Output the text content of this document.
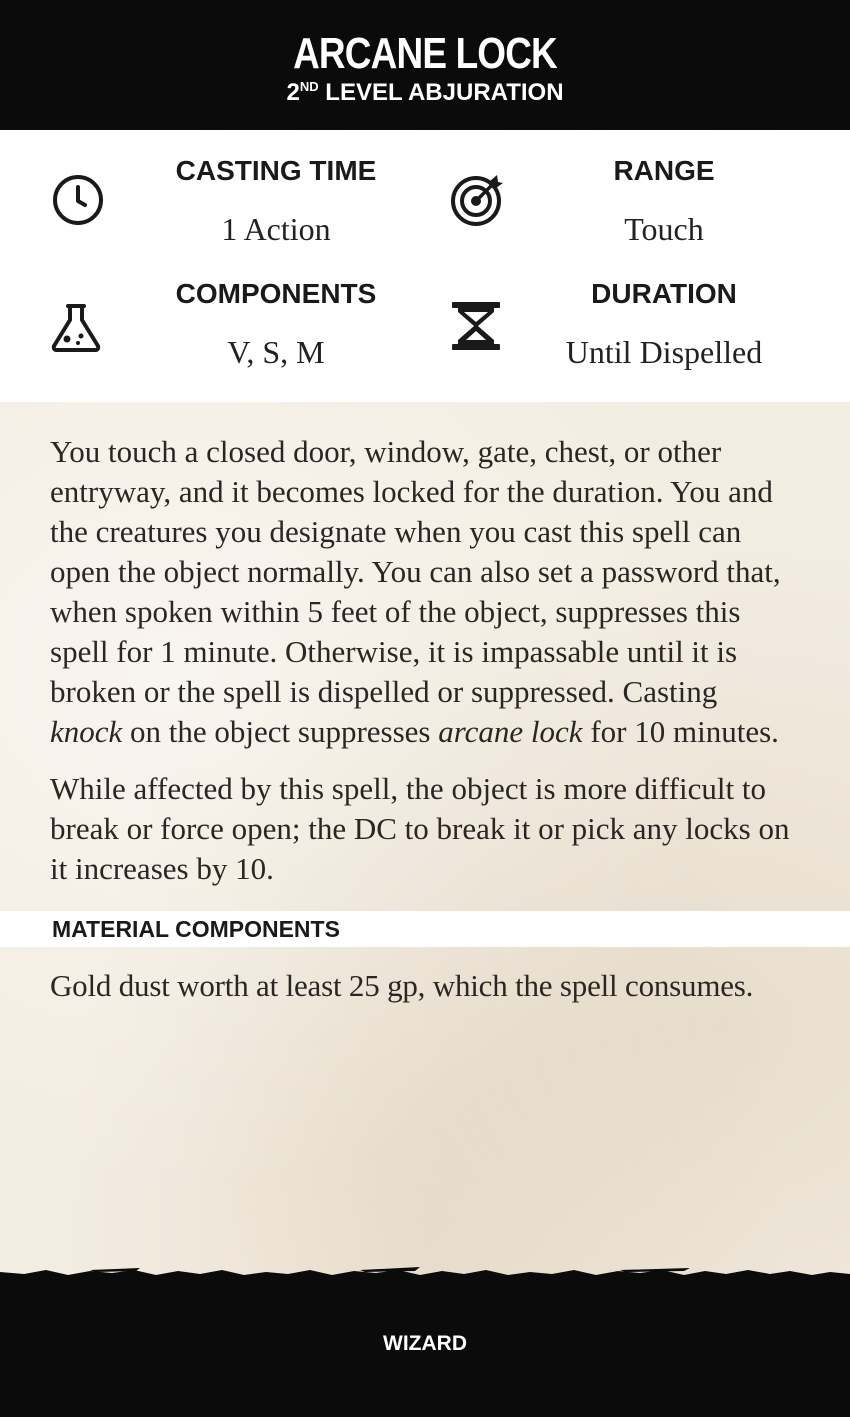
ARCANE LOCK
2ND LEVEL ABJURATION
CASTING TIME
1 Action
RANGE
Touch
COMPONENTS
V, S, M
DURATION
Until Dispelled

You touch a closed door, window, gate, chest, or other entryway, and it becomes locked for the duration. You and the creatures you designate when you cast this spell can open the object normally. You can also set a password that, when spoken within 5 feet of the object, suppresses this spell for 1 minute. Otherwise, it is impassable until it is broken or the spell is dispelled or suppressed. Casting knock on the object suppresses arcane lock for 10 minutes.

While affected by this spell, the object is more difficult to break or force open; the DC to break it or pick any locks on it increases by 10.

MATERIAL COMPONENTS

Gold dust worth at least 25 gp, which the spell consumes.

WIZARD
